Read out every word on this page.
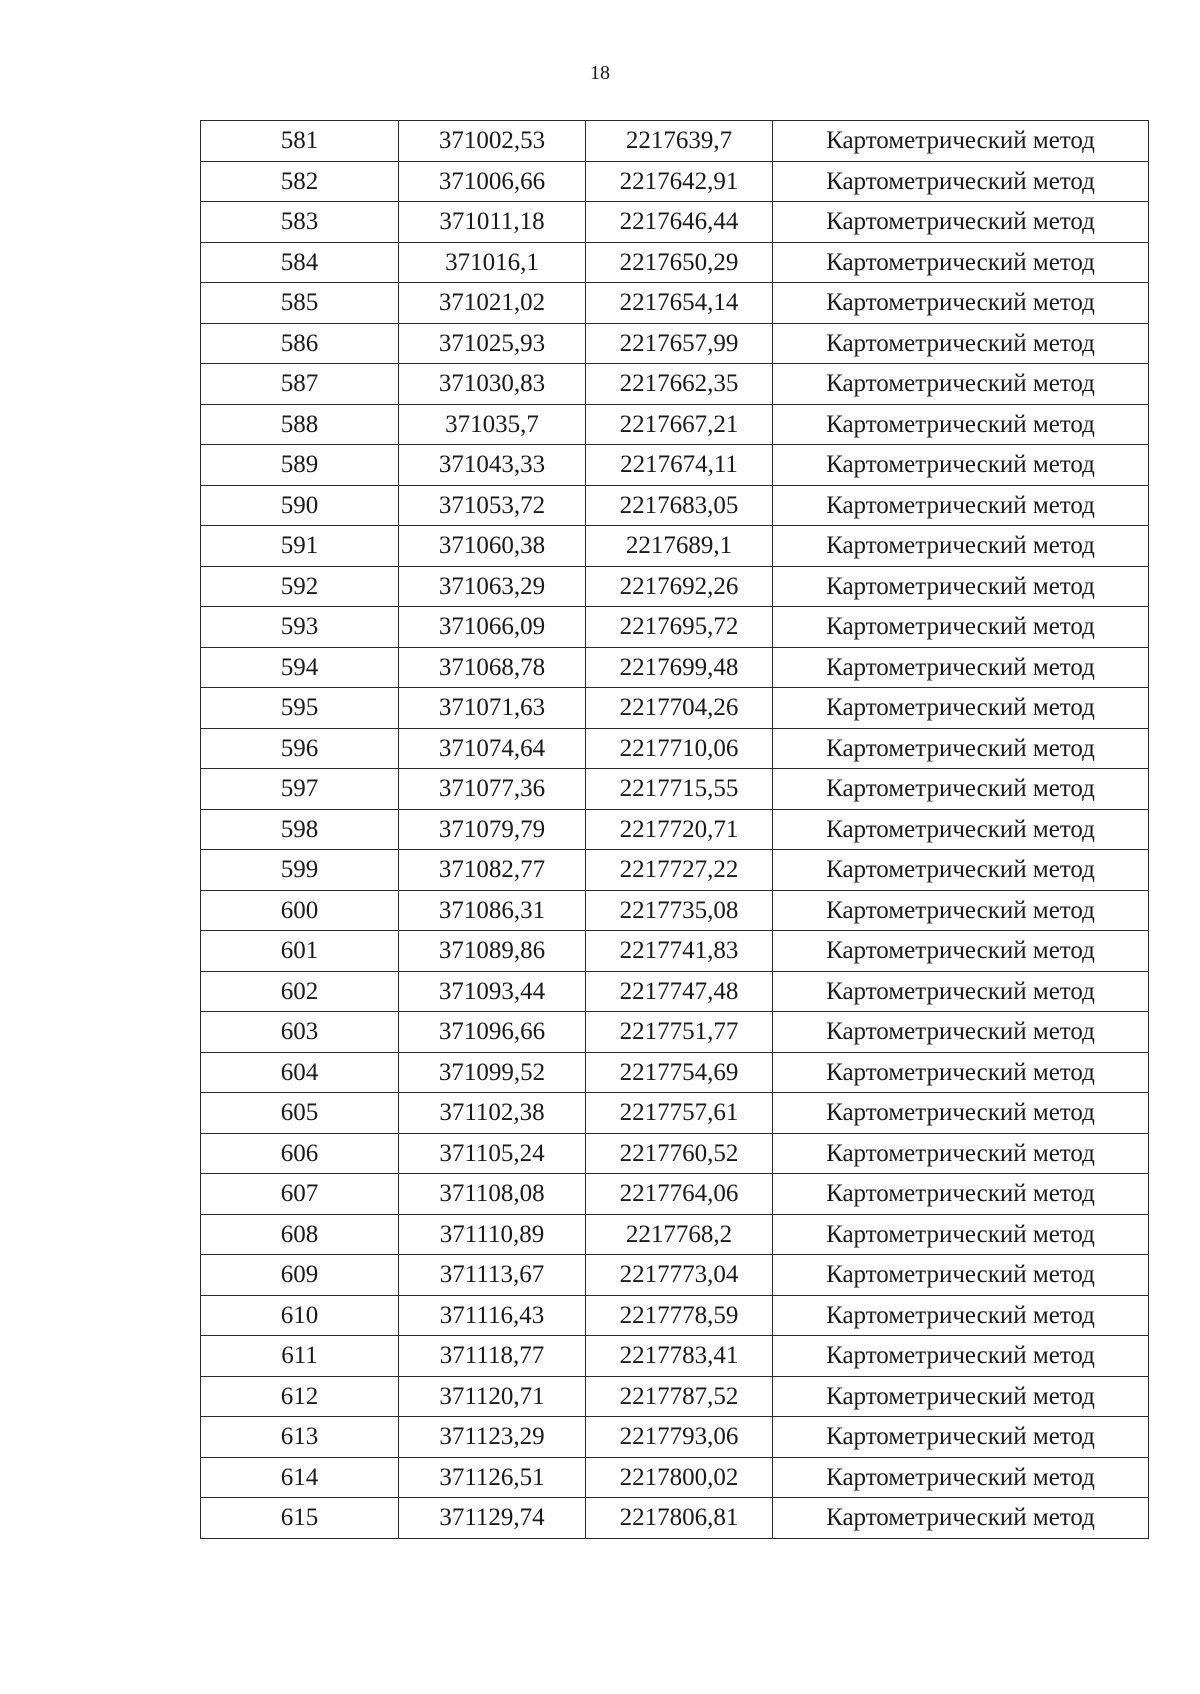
18
581	371002,53	2217639,7	Картометрический метод
582	371006,66	2217642,91	Картометрический метод
583	371011,18	2217646,44	Картометрический метод
584	371016,1	2217650,29	Картометрический метод
585	371021,02	2217654,14	Картометрический метод
586	371025,93	2217657,99	Картометрический метод
587	371030,83	2217662,35	Картометрический метод
588	371035,7	2217667,21	Картометрический метод
589	371043,33	2217674,11	Картометрический метод
590	371053,72	2217683,05	Картометрический метод
591	371060,38	2217689,1	Картометрический метод
592	371063,29	2217692,26	Картометрический метод
593	371066,09	2217695,72	Картометрический метод
594	371068,78	2217699,48	Картометрический метод
595	371071,63	2217704,26	Картометрический метод
596	371074,64	2217710,06	Картометрический метод
597	371077,36	2217715,55	Картометрический метод
598	371079,79	2217720,71	Картометрический метод
599	371082,77	2217727,22	Картометрический метод
600	371086,31	2217735,08	Картометрический метод
601	371089,86	2217741,83	Картометрический метод
602	371093,44	2217747,48	Картометрический метод
603	371096,66	2217751,77	Картометрический метод
604	371099,52	2217754,69	Картометрический метод
605	371102,38	2217757,61	Картометрический метод
606	371105,24	2217760,52	Картометрический метод
607	371108,08	2217764,06	Картометрический метод
608	371110,89	2217768,2	Картометрический метод
609	371113,67	2217773,04	Картометрический метод
610	371116,43	2217778,59	Картометрический метод
611	371118,77	2217783,41	Картометрический метод
612	371120,71	2217787,52	Картометрический метод
613	371123,29	2217793,06	Картометрический метод
614	371126,51	2217800,02	Картометрический метод
615	371129,74	2217806,81	Картометрический метод
